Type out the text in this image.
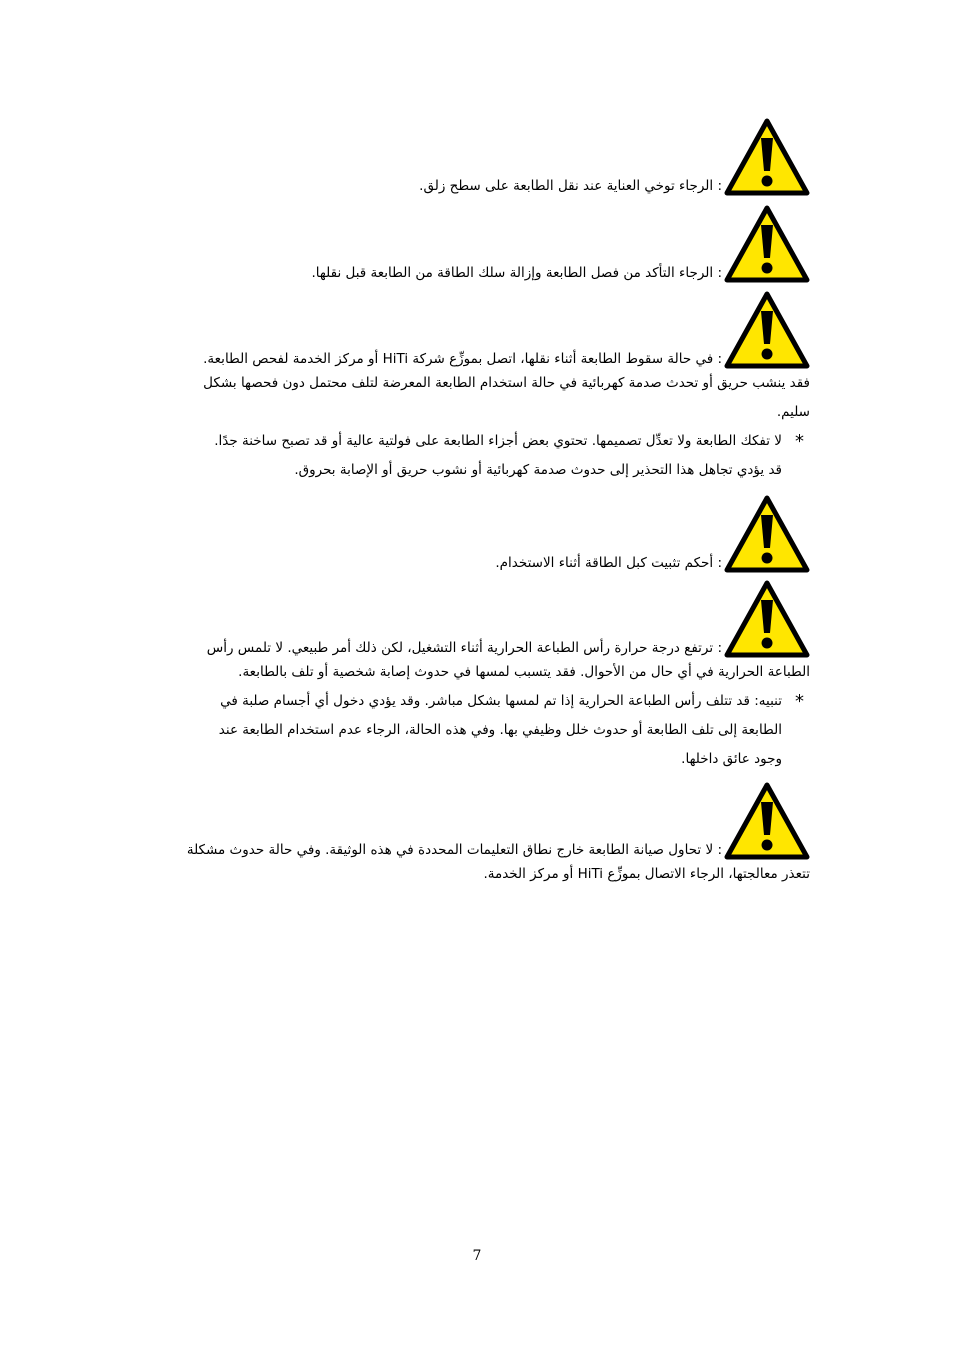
: الرجاء توخي العناية عند نقل الطابعة على سطح زلق.
: الرجاء التأكد من فصل الطابعة وإزالة سلك الطاقة من الطابعة قبل نقلها.
: في حالة سقوط الطابعة أثناء نقلها، اتصل بموزِّع شركة HiTi أو مركز الخدمة لفحص الطابعة.
فقد ينشب حريق أو تحدث صدمة كهربائية في حالة استخدام الطابعة المعرضة لتلف محتمل دون فحصها بشكل
سليم.
*
لا تفكك الطابعة ولا تعدِّل تصميمها. تحتوي بعض أجزاء الطابعة على فولتية عالية أو قد تصبح ساخنة جدًا.
قد يؤدي تجاهل هذا التحذير إلى حدوث صدمة كهربائية أو نشوب حريق أو الإصابة بحروق.
: أحكم تثبيت كبل الطاقة أثناء الاستخدام.
: ترتفع درجة حرارة رأس الطباعة الحرارية أثناء التشغيل، لكن ذلك أمر طبيعي. لا تلمس رأس
الطباعة الحرارية في أي حال من الأحوال. فقد يتسبب لمسها في حدوث إصابة شخصية أو تلف بالطابعة.
*
تنبيه: قد تتلف رأس الطباعة الحرارية إذا تم لمسها بشكل مباشر. وقد يؤدي دخول أي أجسام صلبة في
الطابعة إلى تلف الطابعة أو حدوث خلل وظيفي بها. وفي هذه الحالة، الرجاء عدم استخدام الطابعة عند
وجود عائق داخلها.
: لا تحاول صيانة الطابعة خارج نطاق التعليمات المحددة في هذه الوثيقة. وفي حالة حدوث مشكلة
تتعذر معالجتها، الرجاء الاتصال بموزِّع HiTi أو مركز الخدمة.
7
